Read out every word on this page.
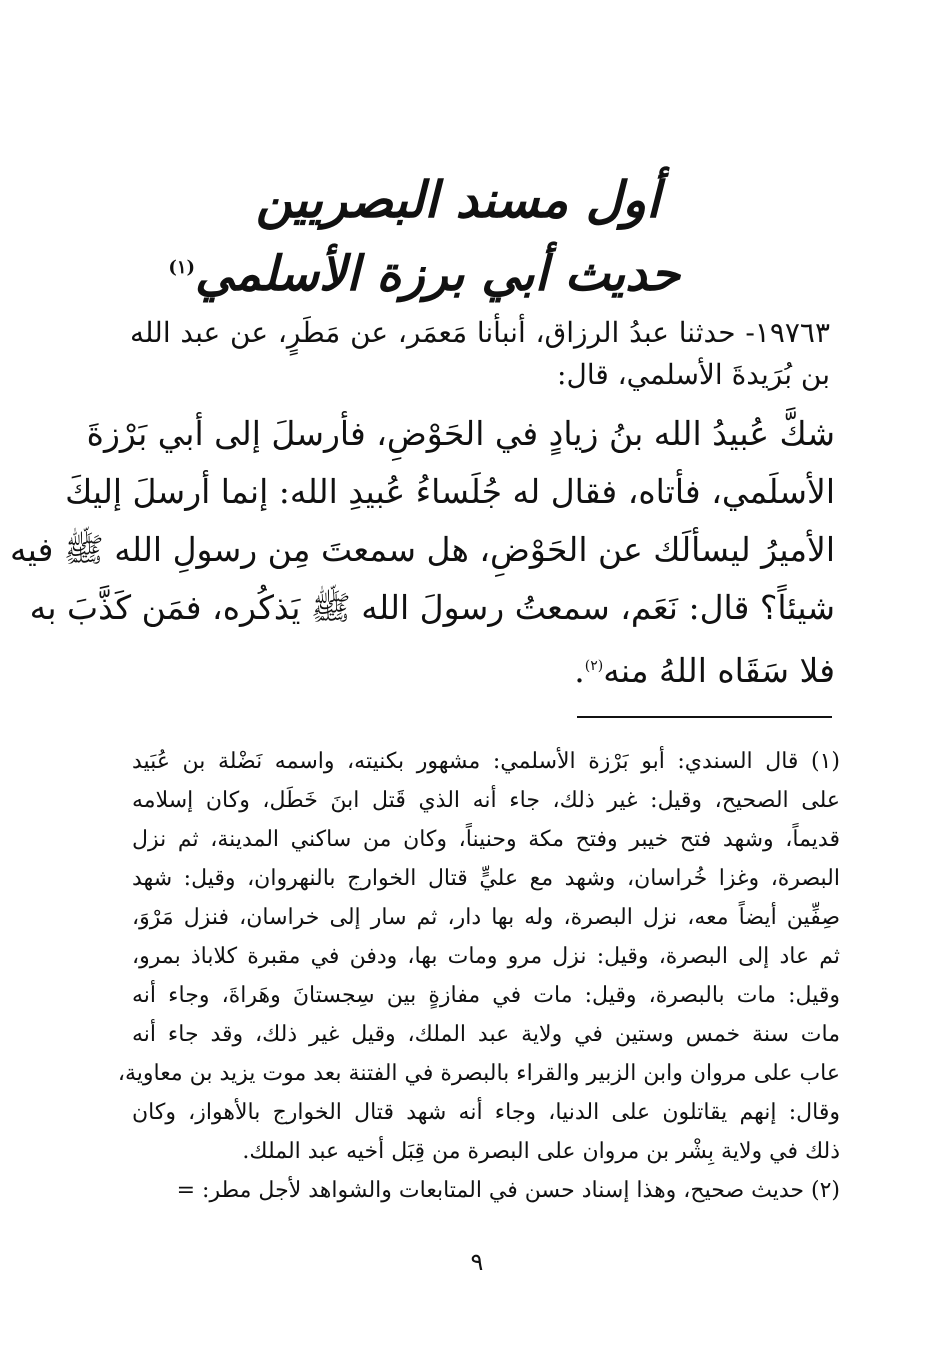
أول مسند البصريين
حديث أبي برزة الأسلمي$^{(١)}$
١٩٧٦٣- حدثنا عبدُ الرزاق، أنبأنا مَعمَر، عن مَطَرٍ، عن عبد الله بن بُرَيدةَ الأسلمي، قال:
شكَّ عُبيدُ الله بنُ زيادٍ في الحَوْضِ، فأرسلَ إلى أبي بَرْزةَ
الأسلَمي، فأتاه، فقال له جُلَساءُ عُبيدِ الله: إنما أرسلَ إليكَ
الأميرُ ليسألَك عن الحَوْضِ، هل سمعتَ مِن رسولِ الله ﷺ فيه
شيئاً؟ قال: نَعَم، سمعتُ رسولَ الله ﷺ يَذكُره، فمَن كَذَّبَ به
فلا سَقَاه اللهُ منه$^{(٢)}$.
(١) قال السندي: أبو بَرْزة الأسلمي: مشهور بكنيته، واسمه نَضْلة بن عُبَيد
على الصحيح، وقيل: غير ذلك، جاء أنه الذي قَتل ابنَ خَطَل، وكان إسلامه
قديماً، وشهد فتح خيبر وفتح مكة وحنيناً، وكان من ساكني المدينة، ثم نزل
البصرة، وغزا خُراسان، وشهد مع عليٍّ قتال الخوارج بالنهروان، وقيل: شهد
صِفِّين أيضاً معه، نزل البصرة، وله بها دار، ثم سار إلى خراسان، فنزل مَرْوَ،
ثم عاد إلى البصرة، وقيل: نزل مرو ومات بها، ودفن في مقبرة كلاباذ بمرو،
وقيل: مات بالبصرة، وقيل: مات في مفازةٍ بين سِجستانَ وهَراةَ، وجاء أنه
مات سنة خمس وستين في ولاية عبد الملك، وقيل غير ذلك، وقد جاء أنه
عاب على مروان وابن الزبير والقراء بالبصرة في الفتنة بعد موت يزيد بن معاوية،
وقال: إنهم يقاتلون على الدنيا، وجاء أنه شهد قتال الخوارج بالأهواز، وكان
ذلك في ولاية بِشْر بن مروان على البصرة من قِبَل أخيه عبد الملك.
(٢) حديث صحيح، وهذا إسناد حسن في المتابعات والشواهد لأجل مطر: =
٩
